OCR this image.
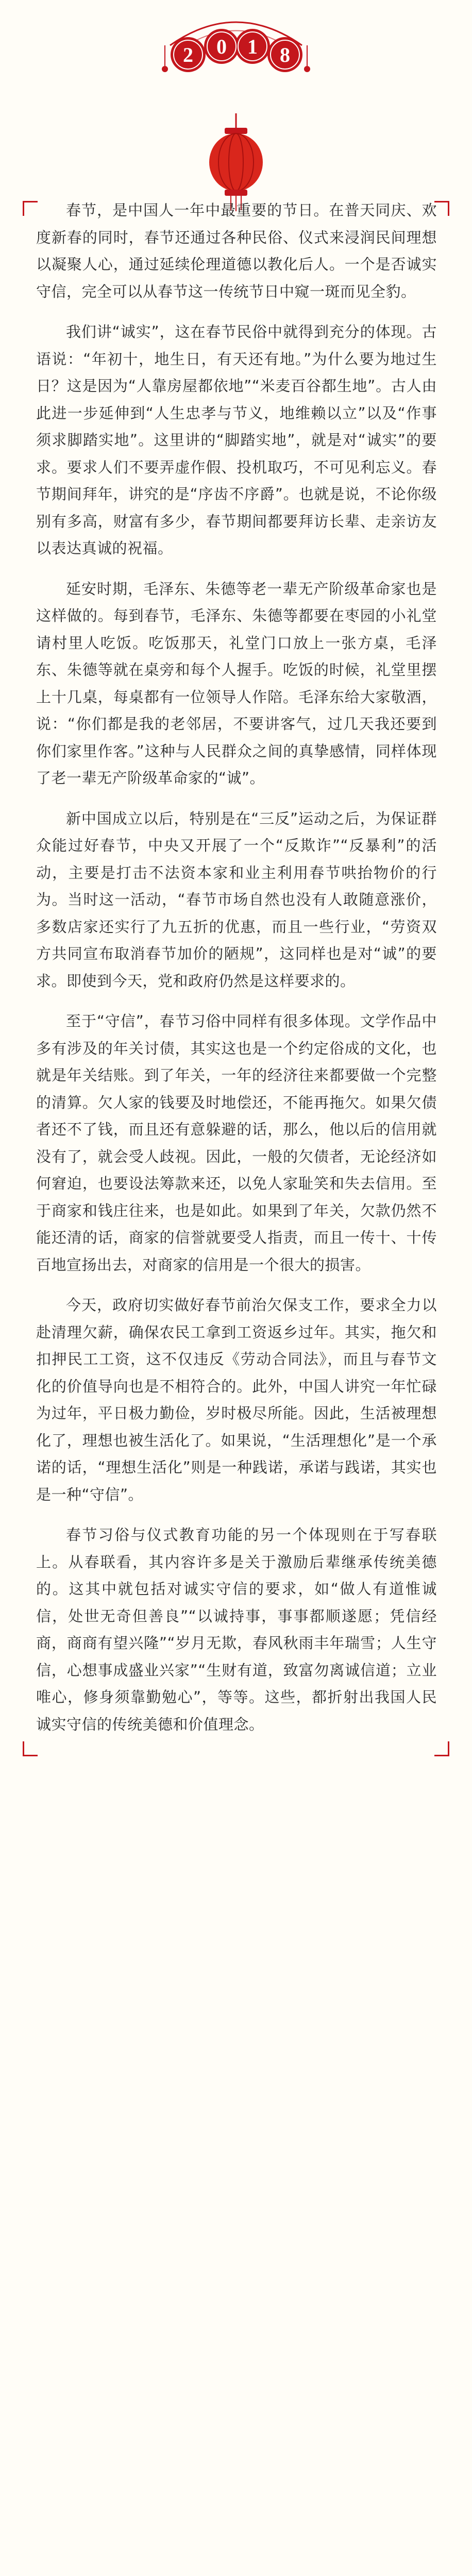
2 0 1 8

春节，是中国人一年中最重要的节日。在普天同庆、欢度新春的同时，春节还通过各种民俗、仪式来浸润民间理想以凝聚人心，通过延续伦理道德以教化后人。一个是否诚实守信，完全可以从春节这一传统节日中窥一斑而见全豹。

我们讲“诚实”，这在春节民俗中就得到充分的体现。古语说：“年初十，地生日，有天还有地。”为什么要为地过生日？这是因为“人靠房屋都依地”“米麦百谷都生地”。古人由此进一步延伸到“人生忠孝与节义，地维赖以立”以及“作事须求脚踏实地”。这里讲的“脚踏实地”，就是对“诚实”的要求。要求人们不要弄虚作假、投机取巧，不可见利忘义。春节期间拜年，讲究的是“序齿不序爵”。也就是说，不论你级别有多高，财富有多少，春节期间都要拜访长辈、走亲访友以表达真诚的祝福。

延安时期，毛泽东、朱德等老一辈无产阶级革命家也是这样做的。每到春节，毛泽东、朱德等都要在枣园的小礼堂请村里人吃饭。吃饭那天，礼堂门口放上一张方桌，毛泽东、朱德等就在桌旁和每个人握手。吃饭的时候，礼堂里摆上十几桌，每桌都有一位领导人作陪。毛泽东给大家敬酒，说：“你们都是我的老邻居，不要讲客气，过几天我还要到你们家里作客。”这种与人民群众之间的真挚感情，同样体现了老一辈无产阶级革命家的“诚”。

新中国成立以后，特别是在“三反”运动之后，为保证群众能过好春节，中央又开展了一个“反欺诈”“反暴利”的活动，主要是打击不法资本家和业主利用春节哄抬物价的行为。当时这一活动，“春节市场自然也没有人敢随意涨价，多数店家还实行了九五折的优惠，而且一些行业，“劳资双方共同宣布取消春节加价的陋规”，这同样也是对“诚”的要求。即使到今天，党和政府仍然是这样要求的。

至于“守信”，春节习俗中同样有很多体现。文学作品中多有涉及的年关讨债，其实这也是一个约定俗成的文化，也就是年关结账。到了年关，一年的经济往来都要做一个完整的清算。欠人家的钱要及时地偿还，不能再拖欠。如果欠债者还不了钱，而且还有意躲避的话，那么，他以后的信用就没有了，就会受人歧视。因此，一般的欠债者，无论经济如何窘迫，也要设法筹款来还，以免人家耻笑和失去信用。至于商家和钱庄往来，也是如此。如果到了年关，欠款仍然不能还清的话，商家的信誉就要受人指责，而且一传十、十传百地宣扬出去，对商家的信用是一个很大的损害。

今天，政府切实做好春节前治欠保支工作，要求全力以赴清理欠薪，确保农民工拿到工资返乡过年。其实，拖欠和扣押民工工资，这不仅违反《劳动合同法》，而且与春节文化的价值导向也是不相符合的。此外，中国人讲究一年忙碌为过年，平日极力勤俭，岁时极尽所能。因此，生活被理想化了，理想也被生活化了。如果说，“生活理想化”是一个承诺的话，“理想生活化”则是一种践诺，承诺与践诺，其实也是一种“守信”。

春节习俗与仪式教育功能的另一个体现则在于写春联上。从春联看，其内容许多是关于激励后辈继承传统美德的。这其中就包括对诚实守信的要求，如“做人有道惟诚信，处世无奇但善良”“以诚持事，事事都顺遂愿；凭信经商，商商有望兴隆”“岁月无欺，春风秋雨丰年瑞雪；人生守信，心想事成盛业兴家”“生财有道，致富勿离诚信道；立业唯心，修身须靠勤勉心”，等等。这些，都折射出我国人民诚实守信的传统美德和价值理念。
